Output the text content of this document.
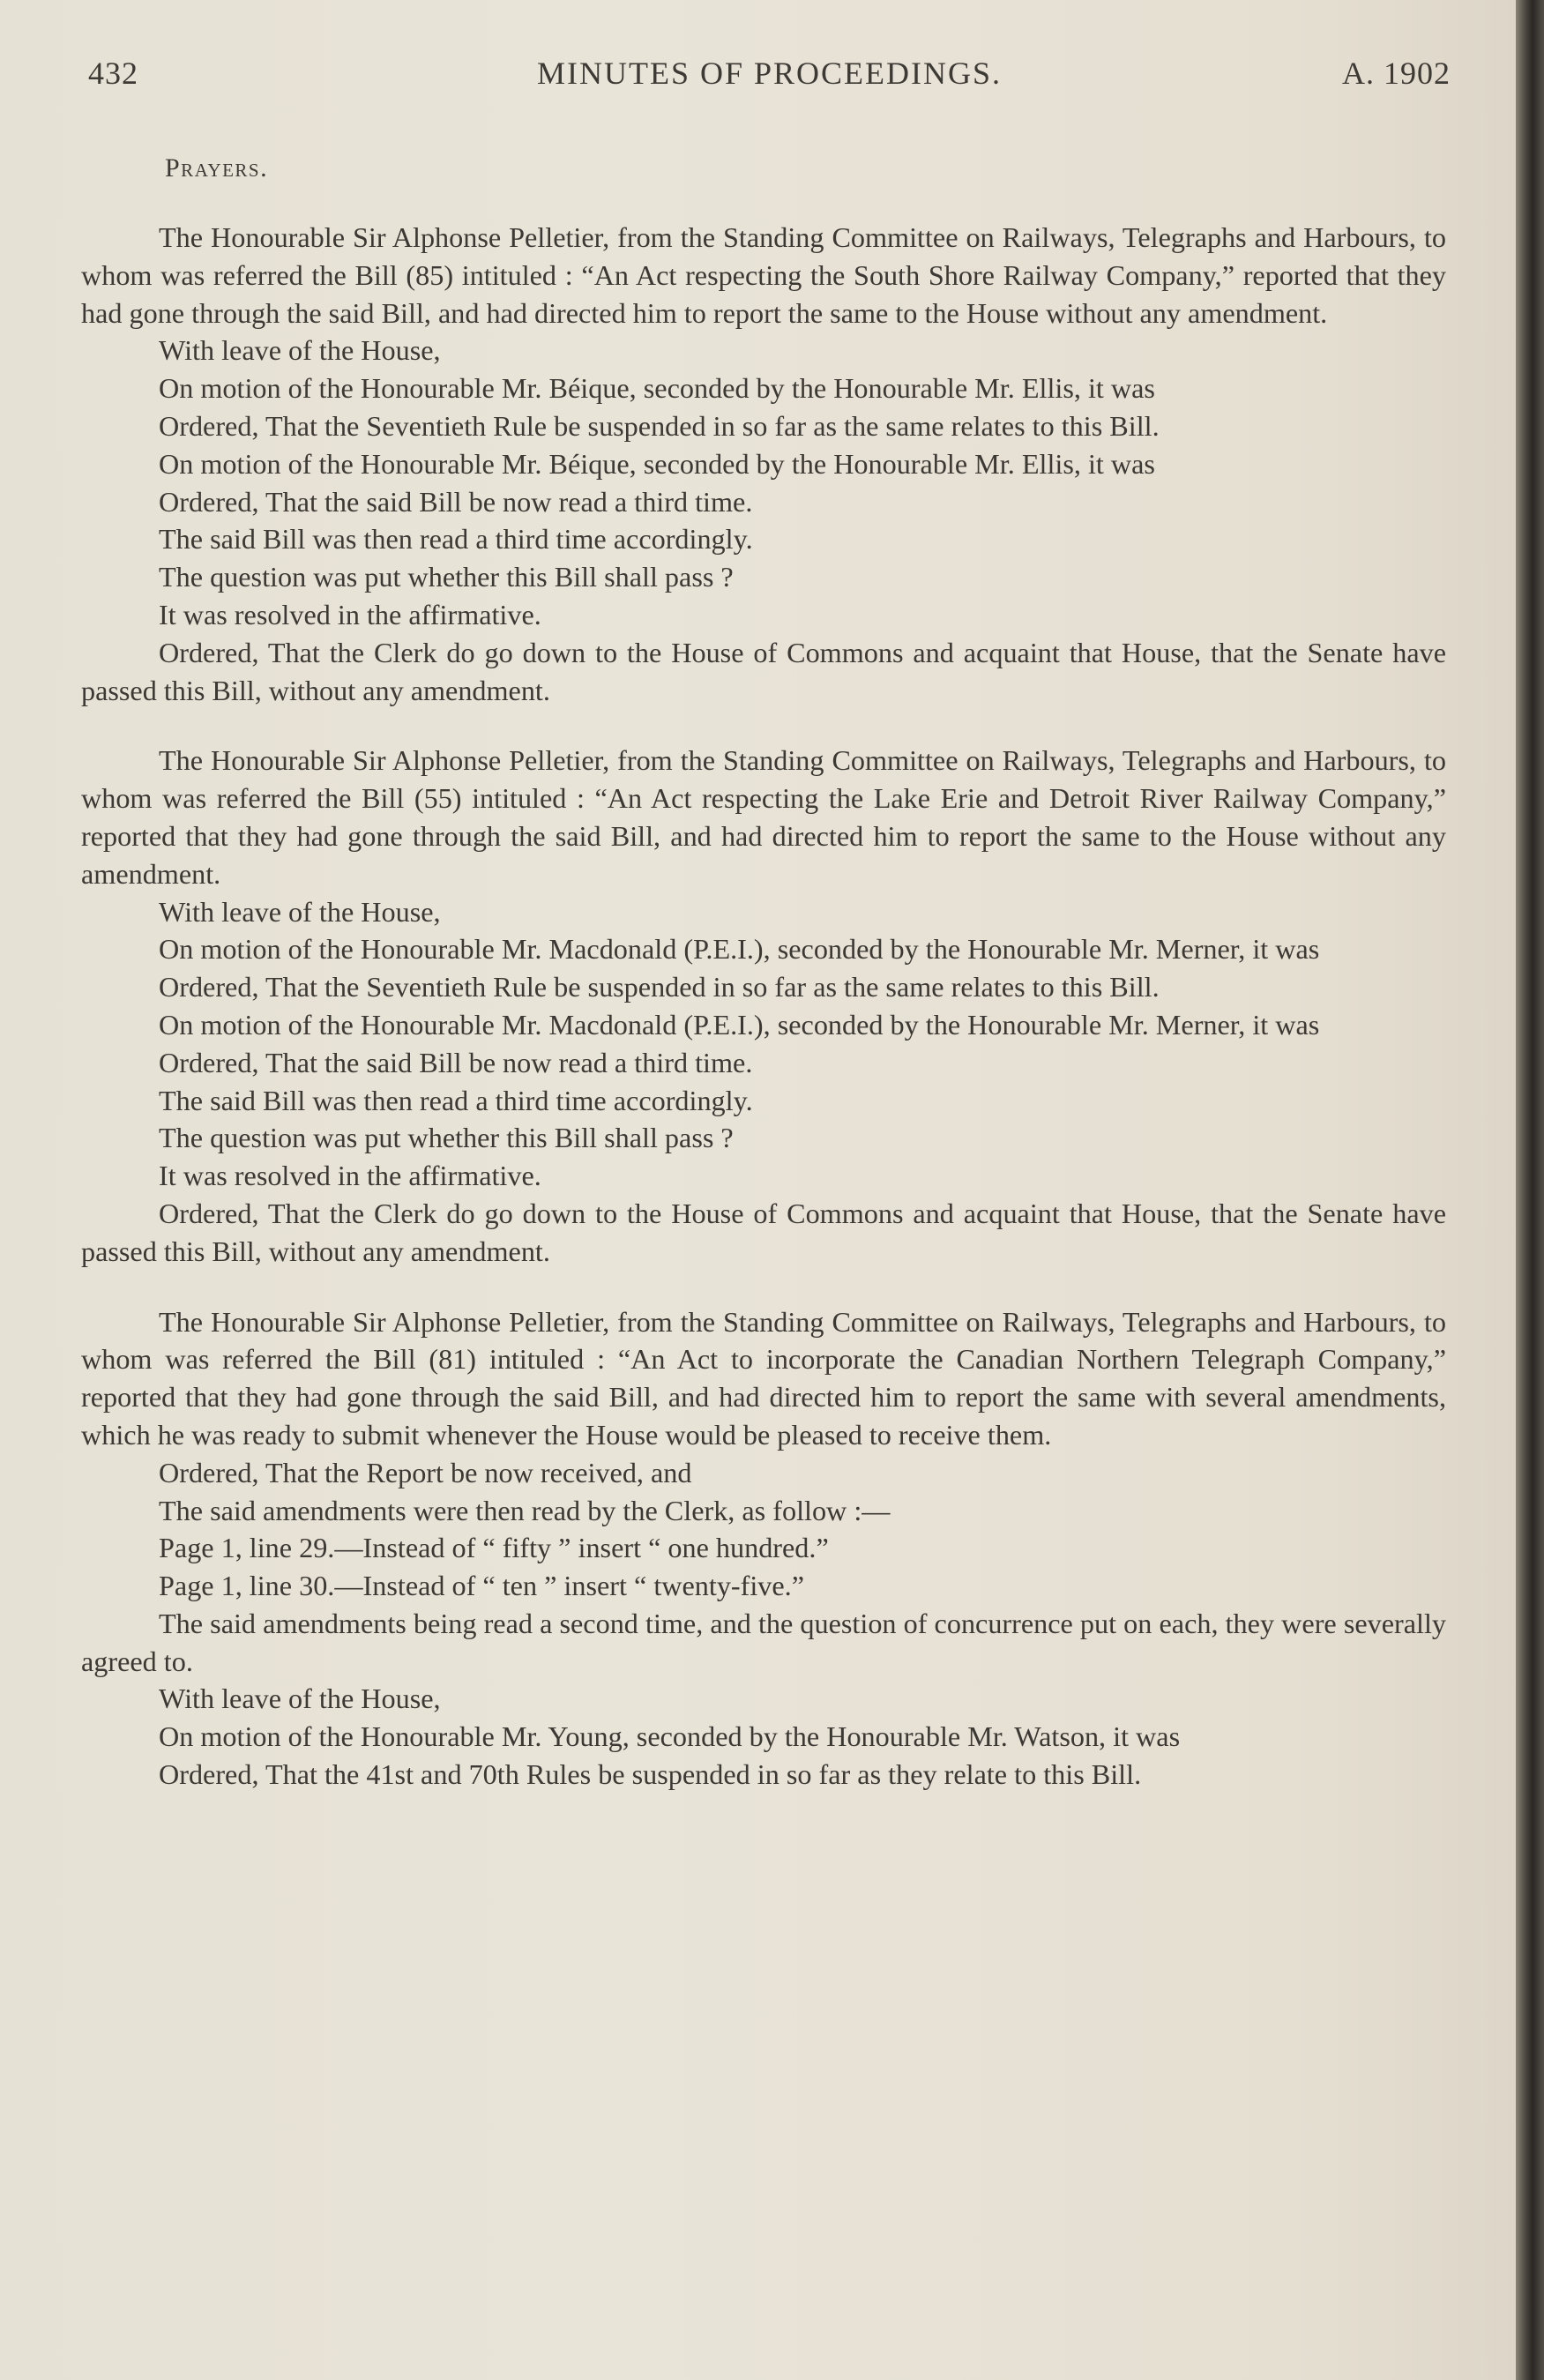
432	MINUTES OF PROCEEDINGS.	A. 1902
Prayers.

The Honourable Sir Alphonse Pelletier, from the Standing Committee on Railways, Telegraphs and Harbours, to whom was referred the Bill (85) intituled : “An Act respecting the South Shore Railway Company,” reported that they had gone through the said Bill, and had directed him to report the same to the House without any amendment.

With leave of the House,

On motion of the Honourable Mr. Béique, seconded by the Honourable Mr. Ellis, it was

Ordered, That the Seventieth Rule be suspended in so far as the same relates to this Bill.

On motion of the Honourable Mr. Béique, seconded by the Honourable Mr. Ellis, it was

Ordered, That the said Bill be now read a third time.

The said Bill was then read a third time accordingly.

The question was put whether this Bill shall pass ?

It was resolved in the affirmative.

Ordered, That the Clerk do go down to the House of Commons and acquaint that House, that the Senate have passed this Bill, without any amendment.

The Honourable Sir Alphonse Pelletier, from the Standing Committee on Railways, Telegraphs and Harbours, to whom was referred the Bill (55) intituled : “An Act respecting the Lake Erie and Detroit River Railway Company,” reported that they had gone through the said Bill, and had directed him to report the same to the House without any amendment.

With leave of the House,

On motion of the Honourable Mr. Macdonald (P.E.I.), seconded by the Honourable Mr. Merner, it was

Ordered, That the Seventieth Rule be suspended in so far as the same relates to this Bill.

On motion of the Honourable Mr. Macdonald (P.E.I.), seconded by the Honourable Mr. Merner, it was

Ordered, That the said Bill be now read a third time.

The said Bill was then read a third time accordingly.

The question was put whether this Bill shall pass ?

It was resolved in the affirmative.

Ordered, That the Clerk do go down to the House of Commons and acquaint that House, that the Senate have passed this Bill, without any amendment.

The Honourable Sir Alphonse Pelletier, from the Standing Committee on Railways, Telegraphs and Harbours, to whom was referred the Bill (81) intituled : “An Act to incorporate the Canadian Northern Telegraph Company,” reported that they had gone through the said Bill, and had directed him to report the same with several amendments, which he was ready to submit whenever the House would be pleased to receive them.

Ordered, That the Report be now received, and

The said amendments were then read by the Clerk, as follow :—

Page 1, line 29.—Instead of “ fifty ” insert “ one hundred.”

Page 1, line 30.—Instead of “ ten ” insert “ twenty-five.”

The said amendments being read a second time, and the question of concurrence put on each, they were severally agreed to.

With leave of the House,

On motion of the Honourable Mr. Young, seconded by the Honourable Mr. Watson, it was

Ordered, That the 41st and 70th Rules be suspended in so far as they relate to this Bill.
